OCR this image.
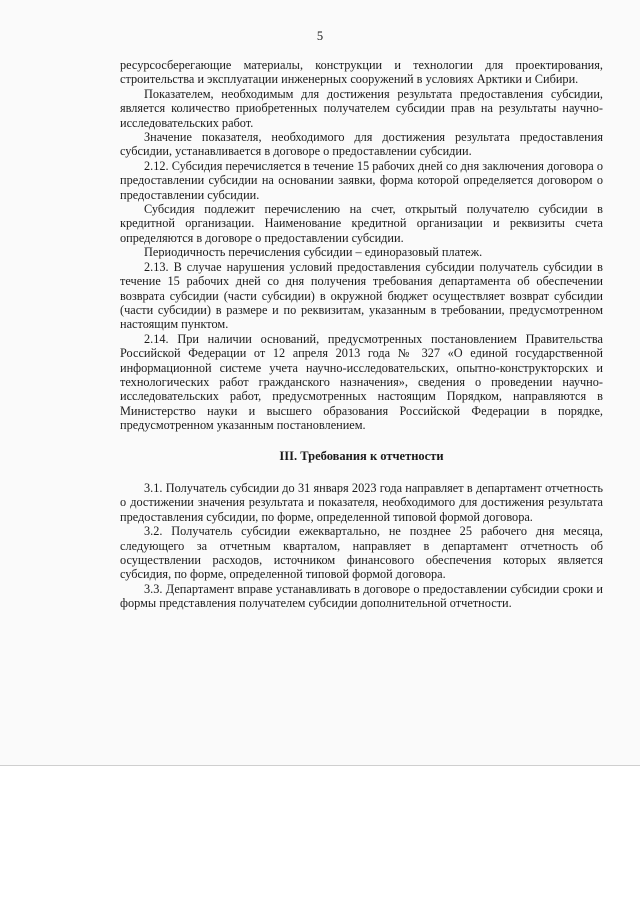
5

ресурсосберегающие материалы, конструкции и технологии для проектирования, строительства и эксплуатации инженерных сооружений в условиях Арктики и Сибири.

Показателем, необходимым для достижения результата предоставления субсидии, является количество приобретенных получателем субсидии прав на результаты научно-исследовательских работ.

Значение показателя, необходимого для достижения результата предоставления субсидии, устанавливается в договоре о предоставлении субсидии.

2.12. Субсидия перечисляется в течение 15 рабочих дней со дня заключения договора о предоставлении субсидии на основании заявки, форма которой определяется договором о предоставлении субсидии.

Субсидия подлежит перечислению на счет, открытый получателю субсидии в кредитной организации. Наименование кредитной организации и реквизиты счета определяются в договоре о предоставлении субсидии.

Периодичность перечисления субсидии – единоразовый платеж.

2.13. В случае нарушения условий предоставления субсидии получатель субсидии в течение 15 рабочих дней со дня получения требования департамента об обеспечении возврата субсидии (части субсидии) в окружной бюджет осуществляет возврат субсидии (части субсидии) в размере и по реквизитам, указанным в требовании, предусмотренном настоящим пунктом.

2.14. При наличии оснований, предусмотренных постановлением Правительства Российской Федерации от 12 апреля 2013 года № 327 «О единой государственной информационной системе учета научно-исследовательских, опытно-конструкторских и технологических работ гражданского назначения», сведения о проведении научно-исследовательских работ, предусмотренных настоящим Порядком, направляются в Министерство науки и высшего образования Российской Федерации в порядке, предусмотренном указанным постановлением.

III. Требования к отчетности

3.1. Получатель субсидии до 31 января 2023 года направляет в департамент отчетность о достижении значения результата и показателя, необходимого для достижения результата предоставления субсидии, по форме, определенной типовой формой договора.

3.2. Получатель субсидии ежеквартально, не позднее 25 рабочего дня месяца, следующего за отчетным кварталом, направляет в департамент отчетность об осуществлении расходов, источником финансового обеспечения которых является субсидия, по форме, определенной типовой формой договора.

3.3. Департамент вправе устанавливать в договоре о предоставлении субсидии сроки и формы представления получателем субсидии дополнительной отчетности.
